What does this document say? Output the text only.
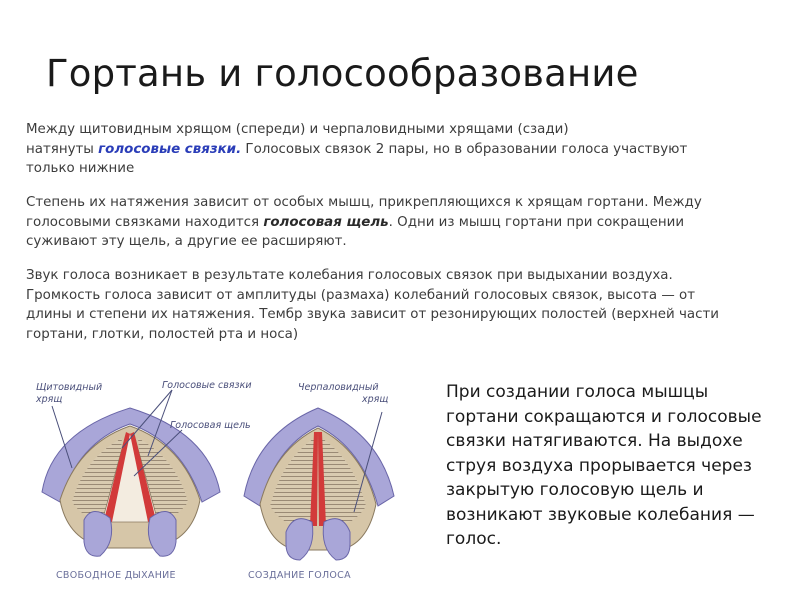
Гортань и голосообразование
Между щитовидным хрящом (спереди) и черпаловидными хрящами (сзади)
натянуты голосовые связки. Голосовых связок 2 пары, но в образовании голоса участвуют только нижние
Степень их натяжения зависит от особых мышц, прикрепляющихся к хрящам гортани. Между голосовыми связками находится голосовая щель. Одни из мышц гортани при сокращении суживают эту щель, а другие ее расширяют.
Звук голоса возникает в результате колебания голосовых связок при выдыхании воздуха. Громкость голоса зависит от амплитуды (размаха) колебаний голосовых связок, высота — от длины и степени их натяжения. Тембр звука зависит от резонирующих полостей (верхней части гортани, глотки, полостей рта и носа)
Щитовидный
хрящ
Голосовые связки
Голосовая щель
Черпаловидный
хрящ
СВОБОДНОЕ ДЫХАНИЕ	СОЗДАНИЕ ГОЛОСА
При создании голоса мышцы гортани сокращаются и голосовые связки натягиваются. На выдохе струя воздуха прорывается через закрытую голосовую щель и возникают звуковые колебания — голос.
